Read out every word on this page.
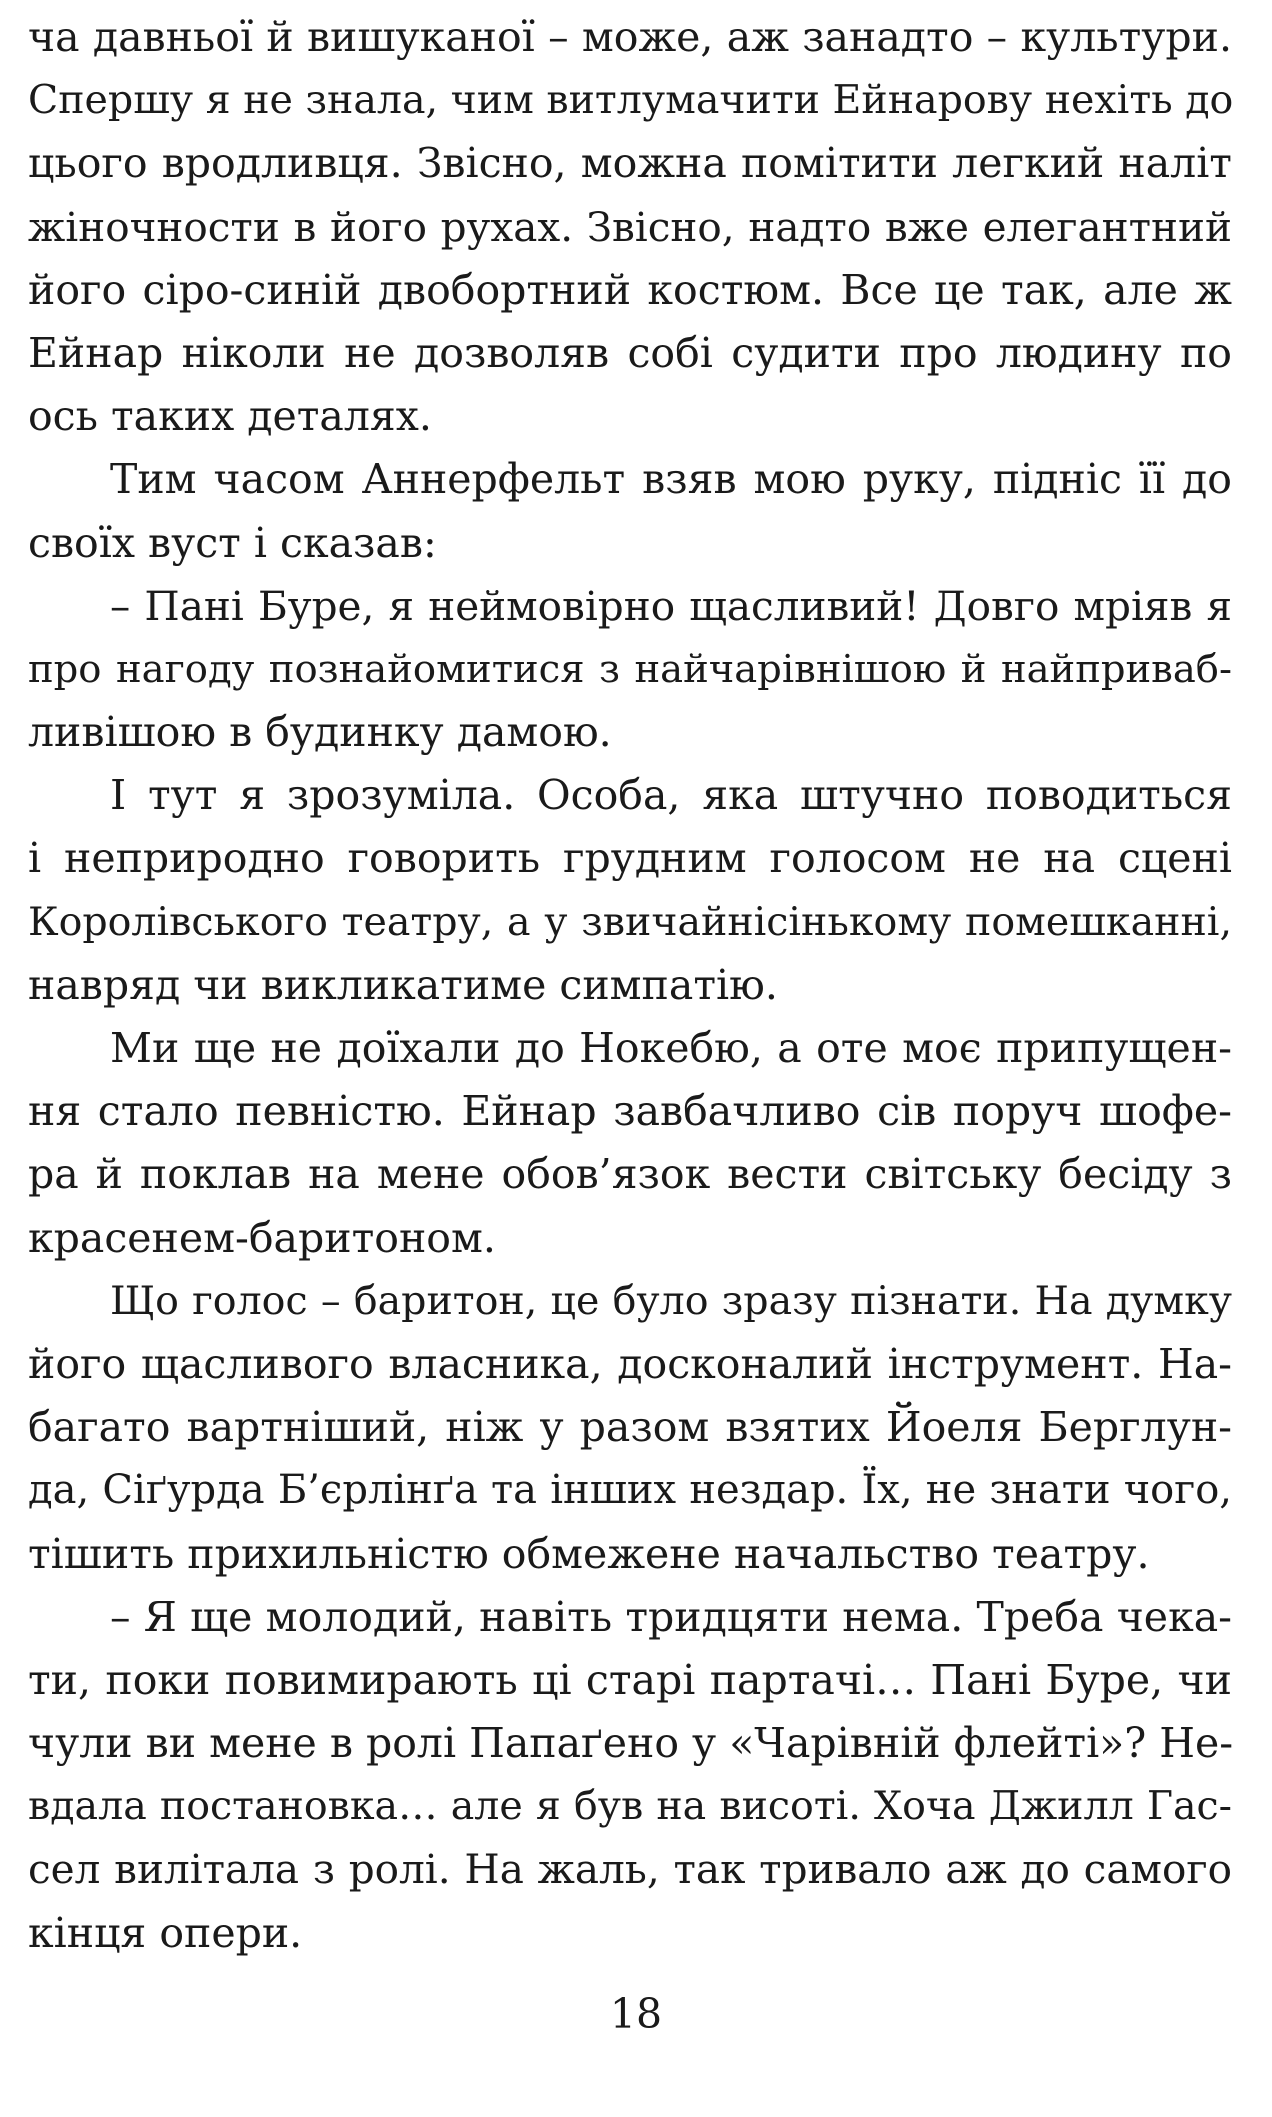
ча давньої й вишуканої – може, аж занадто – культури.
Спершу я не знала, чим витлумачити Ейнарову нехіть до
цього вродливця. Звісно, можна помітити легкий наліт
жіночности в його рухах. Звісно, надто вже елегантний
його сіро-синій двобортний костюм. Все це так, але ж
Ейнар ніколи не дозволяв собі судити про людину по
ось таких деталях.
Тим часом Аннерфельт взяв мою руку, підніс її до
своїх вуст і сказав:
– Пані Буре, я неймовірно щасливий! Довго мріяв я
про нагоду познайомитися з найчарівнішою й найприваб-
ливішою в будинку дамою.
І тут я зрозуміла. Особа, яка штучно поводиться
і неприродно говорить грудним голосом не на сцені
Королівського театру, а у звичайнісінькому помешканні,
навряд чи викликатиме симпатію.
Ми ще не доїхали до Нокебю, а оте моє припущен-
ня стало певністю. Ейнар завбачливо сів поруч шофе-
ра й поклав на мене обов’язок вести світську бесіду з
красенем-баритоном.
Що голос – баритон, це було зразу пізнати. На думку
його щасливого власника, досконалий інструмент. На-
багато вартніший, ніж у разом взятих Йоеля Берглун-
да, Сіґурда Б’єрлінґа та інших нездар. Їх, не знати чого,
тішить прихильністю обмежене начальство театру.
– Я ще молодий, навіть тридцяти нема. Треба чека-
ти, поки повимирають ці старі партачі… Пані Буре, чи
чули ви мене в ролі Папаґено у «Чарівній флейті»? Не-
вдала постановка… але я був на висоті. Хоча Джилл Гас-
сел вилітала з ролі. На жаль, так тривало аж до самого
кінця опери.
18
